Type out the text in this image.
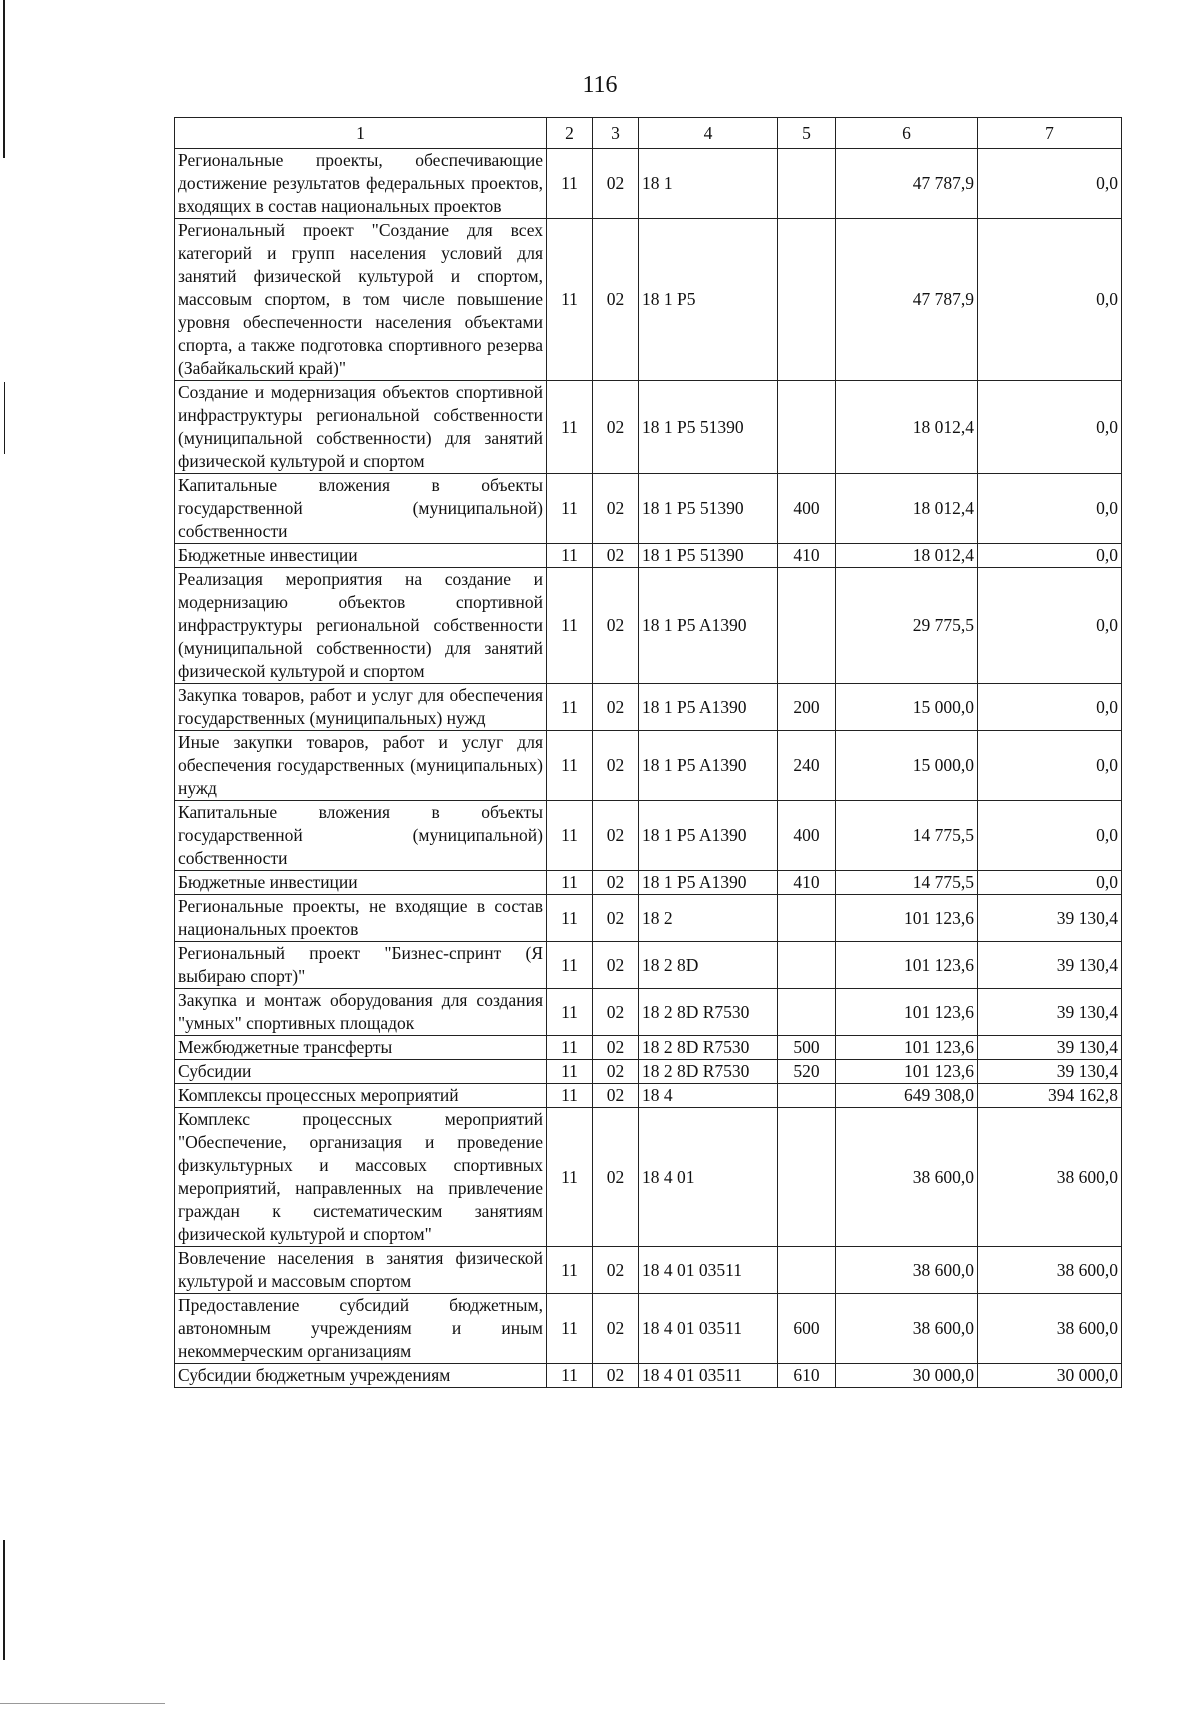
116
1	2	3	4	5	6	7
Региональные проекты, обеспечивающие достижение результатов федеральных проектов, входящих в состав национальных проектов	11	02	18 1		47 787,9	0,0
Региональный проект "Создание для всех категорий и групп населения условий для занятий физической культурой и спортом, массовым спортом, в том числе повышение уровня обеспеченности населения объектами спорта, а также подготовка спортивного резерва (Забайкальский край)"	11	02	18 1 P5		47 787,9	0,0
Создание и модернизация объектов спортивной инфраструктуры региональной собственности (муниципальной собственности) для занятий физической культурой и спортом	11	02	18 1 P5 51390		18 012,4	0,0
Капитальные вложения в объекты государственной (муниципальной) собственности	11	02	18 1 P5 51390	400	18 012,4	0,0
Бюджетные инвестиции	11	02	18 1 P5 51390	410	18 012,4	0,0
Реализация мероприятия на создание и модернизацию объектов спортивной инфраструктуры региональной собственности (муниципальной собственности) для занятий физической культурой и спортом	11	02	18 1 P5 A1390		29 775,5	0,0
Закупка товаров, работ и услуг для обеспечения государственных (муниципальных) нужд	11	02	18 1 P5 A1390	200	15 000,0	0,0
Иные закупки товаров, работ и услуг для обеспечения государственных (муниципальных) нужд	11	02	18 1 P5 A1390	240	15 000,0	0,0
Капитальные вложения в объекты государственной (муниципальной) собственности	11	02	18 1 P5 A1390	400	14 775,5	0,0
Бюджетные инвестиции	11	02	18 1 P5 A1390	410	14 775,5	0,0
Региональные проекты, не входящие в состав национальных проектов	11	02	18 2		101 123,6	39 130,4
Региональный проект "Бизнес-спринт (Я выбираю спорт)"	11	02	18 2 8D		101 123,6	39 130,4
Закупка и монтаж оборудования для создания "умных" спортивных площадок	11	02	18 2 8D R7530		101 123,6	39 130,4
Межбюджетные трансферты	11	02	18 2 8D R7530	500	101 123,6	39 130,4
Субсидии	11	02	18 2 8D R7530	520	101 123,6	39 130,4
Комплексы процессных мероприятий	11	02	18 4		649 308,0	394 162,8
Комплекс процессных мероприятий "Обеспечение, организация и проведение физкультурных и массовых спортивных мероприятий, направленных на привлечение граждан к систематическим занятиям физической культурой и спортом"	11	02	18 4 01		38 600,0	38 600,0
Вовлечение населения в занятия физической культурой и массовым спортом	11	02	18 4 01 03511		38 600,0	38 600,0
Предоставление субсидий бюджетным, автономным учреждениям и иным некоммерческим организациям	11	02	18 4 01 03511	600	38 600,0	38 600,0
Субсидии бюджетным учреждениям	11	02	18 4 01 03511	610	30 000,0	30 000,0
